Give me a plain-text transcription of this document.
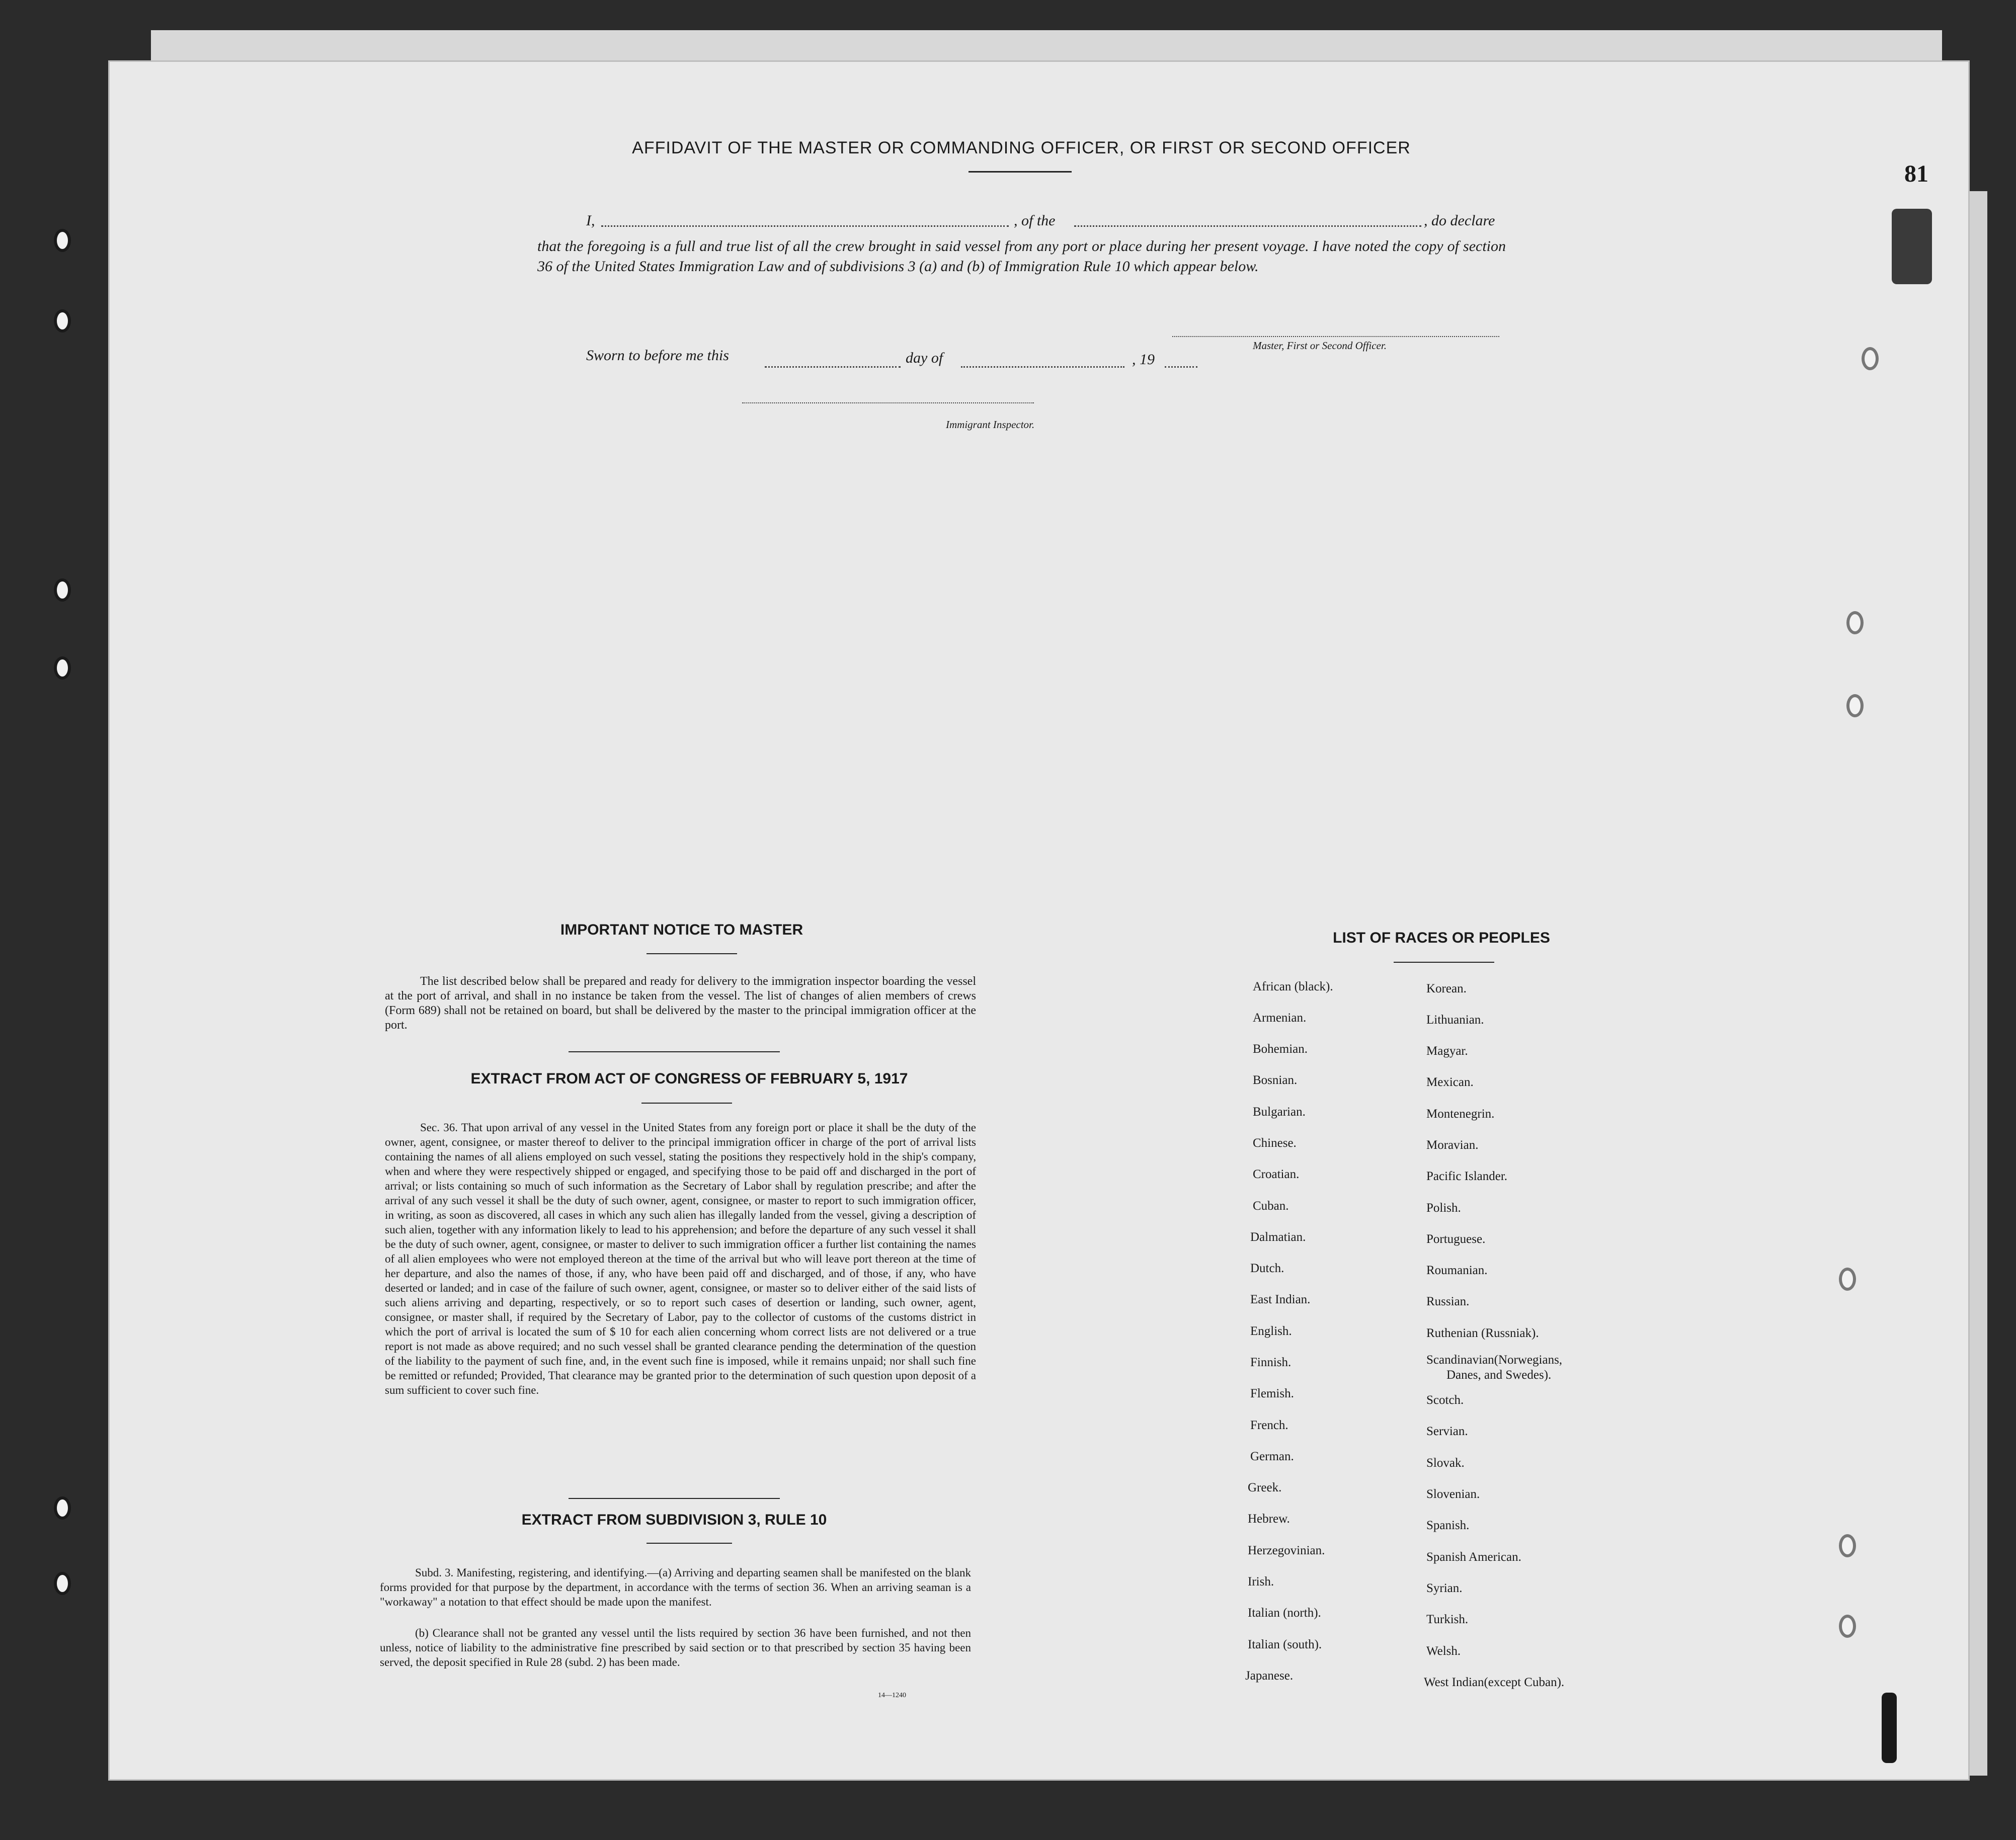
81
AFFIDAVIT OF THE MASTER OR COMMANDING OFFICER, OR FIRST OR SECOND OFFICER
I,	, of the	, do declare
that the foregoing is a full and true list of all the crew brought in said vessel from any port or place during her present voyage. I have noted the copy of section 36 of the United States Immigration Law and of subdivisions 3 (a) and (b) of Immigration Rule 10 which appear below.
Master, First or Second Officer.
Sworn to before me this	day of	, 19
Immigrant Inspector.
IMPORTANT NOTICE TO MASTER
The list described below shall be prepared and ready for delivery to the immigration inspector boarding the vessel at the port of arrival, and shall in no instance be taken from the vessel. The list of changes of alien members of crews (Form 689) shall not be retained on board, but shall be delivered by the master to the principal immigration officer at the port.
EXTRACT FROM ACT OF CONGRESS OF FEBRUARY 5, 1917
Sec. 36. That upon arrival of any vessel in the United States from any foreign port or place it shall be the duty of the owner, agent, consignee, or master thereof to deliver to the principal immigration officer in charge of the port of arrival lists containing the names of all aliens employed on such vessel, stating the positions they respectively hold in the ship's company, when and where they were respectively shipped or engaged, and specifying those to be paid off and discharged in the port of arrival; or lists containing so much of such information as the Secretary of Labor shall by regulation prescribe; and after the arrival of any such vessel it shall be the duty of such owner, agent, consignee, or master to report to such immigration officer, in writing, as soon as discovered, all cases in which any such alien has illegally landed from the vessel, giving a description of such alien, together with any information likely to lead to his apprehension; and before the departure of any such vessel it shall be the duty of such owner, agent, consignee, or master to deliver to such immigration officer a further list containing the names of all alien employees who were not employed thereon at the time of the arrival but who will leave port thereon at the time of her departure, and also the names of those, if any, who have been paid off and discharged, and of those, if any, who have deserted or landed; and in case of the failure of such owner, agent, consignee, or master so to deliver either of the said lists of such aliens arriving and departing, respectively, or so to report such cases of desertion or landing, such owner, agent, consignee, or master shall, if required by the Secretary of Labor, pay to the collector of customs of the customs district in which the port of arrival is located the sum of $ 10 for each alien concerning whom correct lists are not delivered or a true report is not made as above required; and no such vessel shall be granted clearance pending the determination of the question of the liability to the payment of such fine, and, in the event such fine is imposed, while it remains unpaid; nor shall such fine be remitted or refunded; Provided, That clearance may be granted prior to the determination of such question upon deposit of a sum sufficient to cover such fine.
EXTRACT FROM SUBDIVISION 3, RULE 10
Subd. 3. Manifesting, registering, and identifying.—(a) Arriving and departing seamen shall be manifested on the blank forms provided for that purpose by the department, in accordance with the terms of section 36. When an arriving seaman is a "workaway" a notation to that effect should be made upon the manifest.
(b) Clearance shall not be granted any vessel until the lists required by section 36 have been furnished, and not then unless, notice of liability to the administrative fine prescribed by said section or to that prescribed by section 35 having been served, the deposit specified in Rule 28 (subd. 2) has been made.
14—1240
LIST OF RACES OR PEOPLES
African (black).
Armenian.
Bohemian.
Bosnian.
Bulgarian.
Chinese.
Croatian.
Cuban.
Dalmatian.
Dutch.
East Indian.
English.
Finnish.
Flemish.
French.
German.
Greek.
Hebrew.
Herzegovinian.
Irish.
Italian (north).
Italian (south).
Japanese.
Korean.
Lithuanian.
Magyar.
Mexican.
Montenegrin.
Moravian.
Pacific Islander.
Polish.
Portuguese.
Roumanian.
Russian.
Ruthenian (Russniak).
Scandinavian(Norwegians,
Danes, and Swedes).
Scotch.
Servian.
Slovak.
Slovenian.
Spanish.
Spanish American.
Syrian.
Turkish.
Welsh.
West Indian(except Cuban).
